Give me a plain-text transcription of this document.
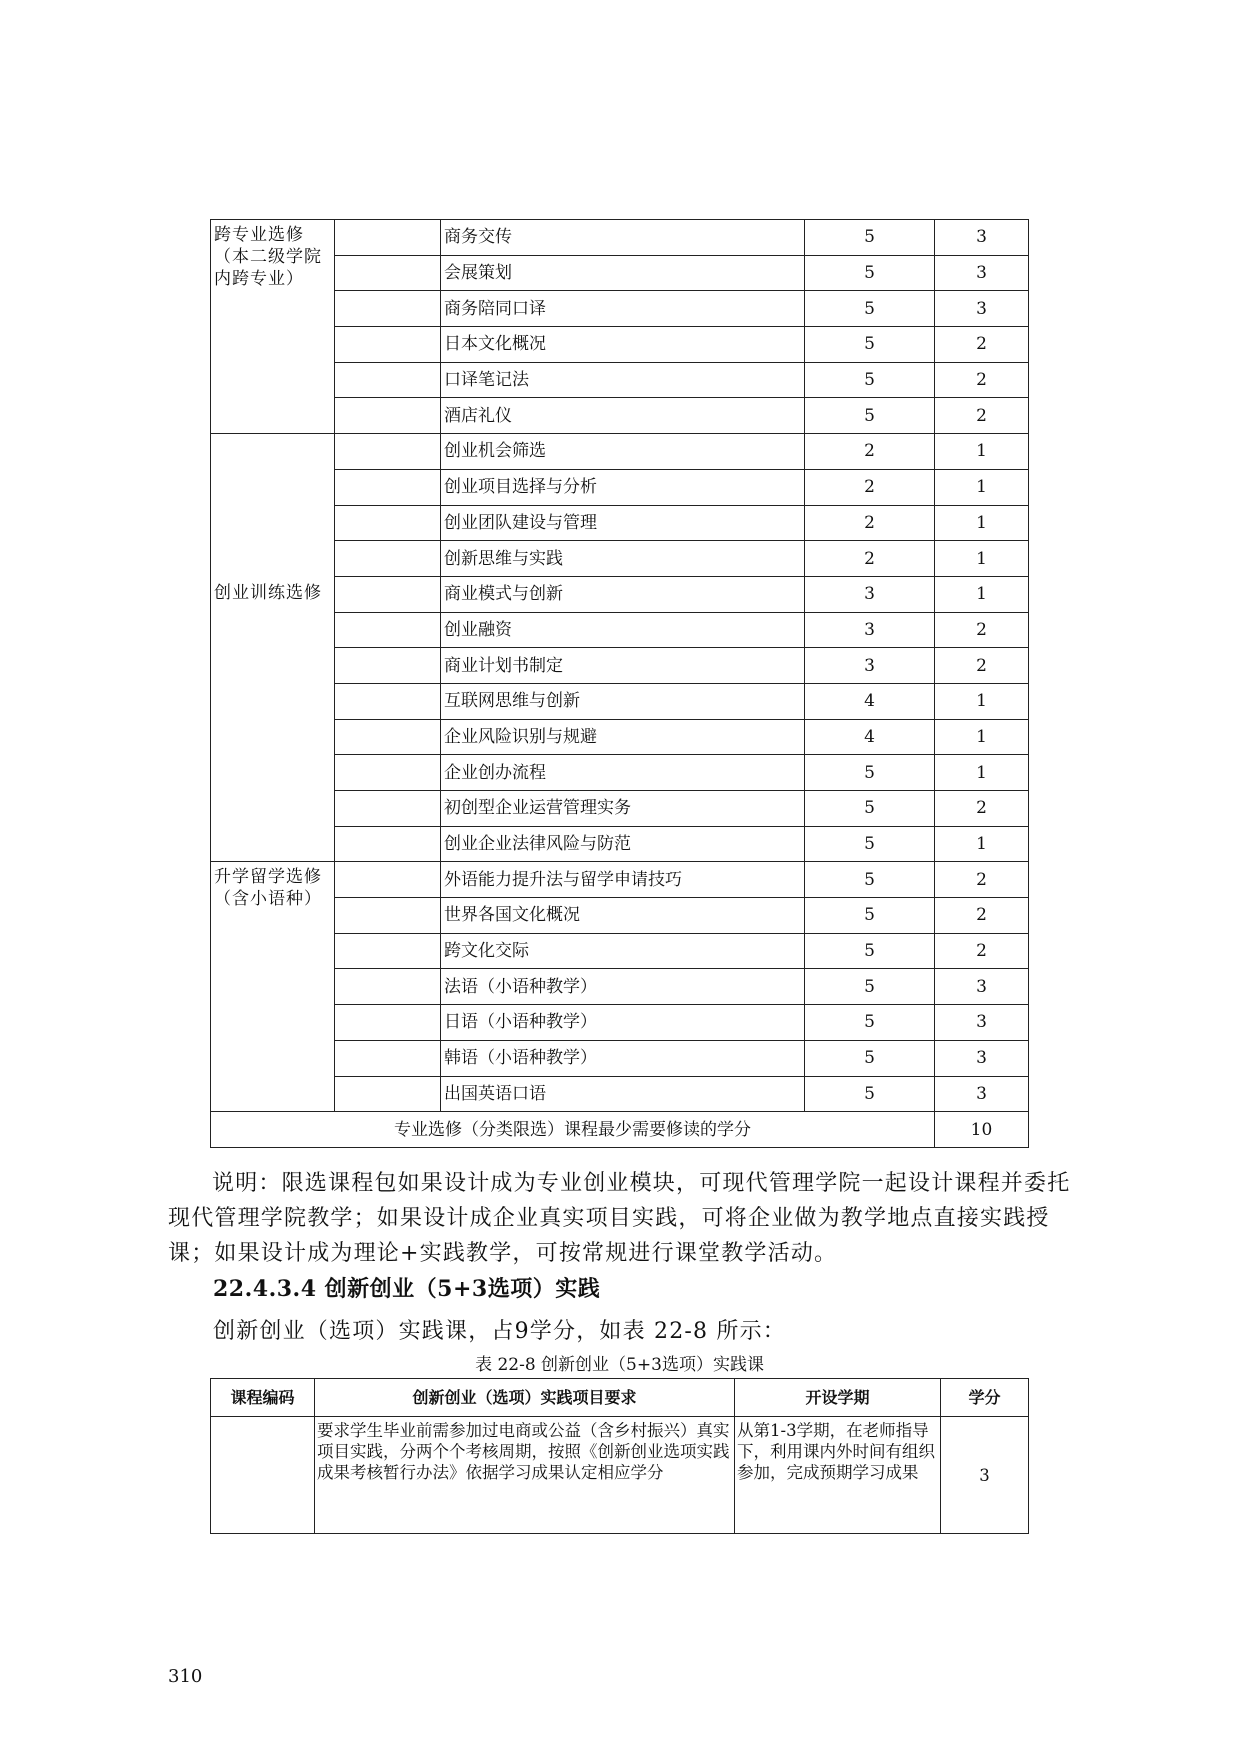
跨专业选修（本二级学院内跨专业）		商务交传	5	3
		会展策划	5	3
		商务陪同口译	5	3
		日本文化概况	5	2
		口译笔记法	5	2
		酒店礼仪	5	2
创业训练选修		创业机会筛选	2	1
		创业项目选择与分析	2	1
		创业团队建设与管理	2	1
		创新思维与实践	2	1
		商业模式与创新	3	1
		创业融资	3	2
		商业计划书制定	3	2
		互联网思维与创新	4	1
		企业风险识别与规避	4	1
		企业创办流程	5	1
		初创型企业运营管理实务	5	2
		创业企业法律风险与防范	5	1
升学留学选修（含小语种）		外语能力提升法与留学申请技巧	5	2
		世界各国文化概况	5	2
		跨文化交际	5	2
		法语（小语种教学）	5	3
		日语（小语种教学）	5	3
		韩语（小语种教学）	5	3
		出国英语口语	5	3
专业选修（分类限选）课程最少需要修读的学分				10

说明：限选课程包如果设计成为专业创业模块，可现代管理学院一起设计课程并委托现代管理学院教学；如果设计成企业真实项目实践，可将企业做为教学地点直接实践授课；如果设计成为理论+实践教学，可按常规进行课堂教学活动。

22.4.3.4 创新创业（5+3选项）实践

创新创业（选项）实践课，占9学分，如表 22-8 所示：

表 22-8 创新创业（5+3选项）实践课

课程编码	创新创业（选项）实践项目要求	开设学期	学分
	要求学生毕业前需参加过电商或公益（含乡村振兴）真实项目实践，分两个个考核周期，按照《创新创业选项实践成果考核暂行办法》依据学习成果认定相应学分	从第1-3学期，在老师指导下，利用课内外时间有组织参加，完成预期学习成果	3

310
